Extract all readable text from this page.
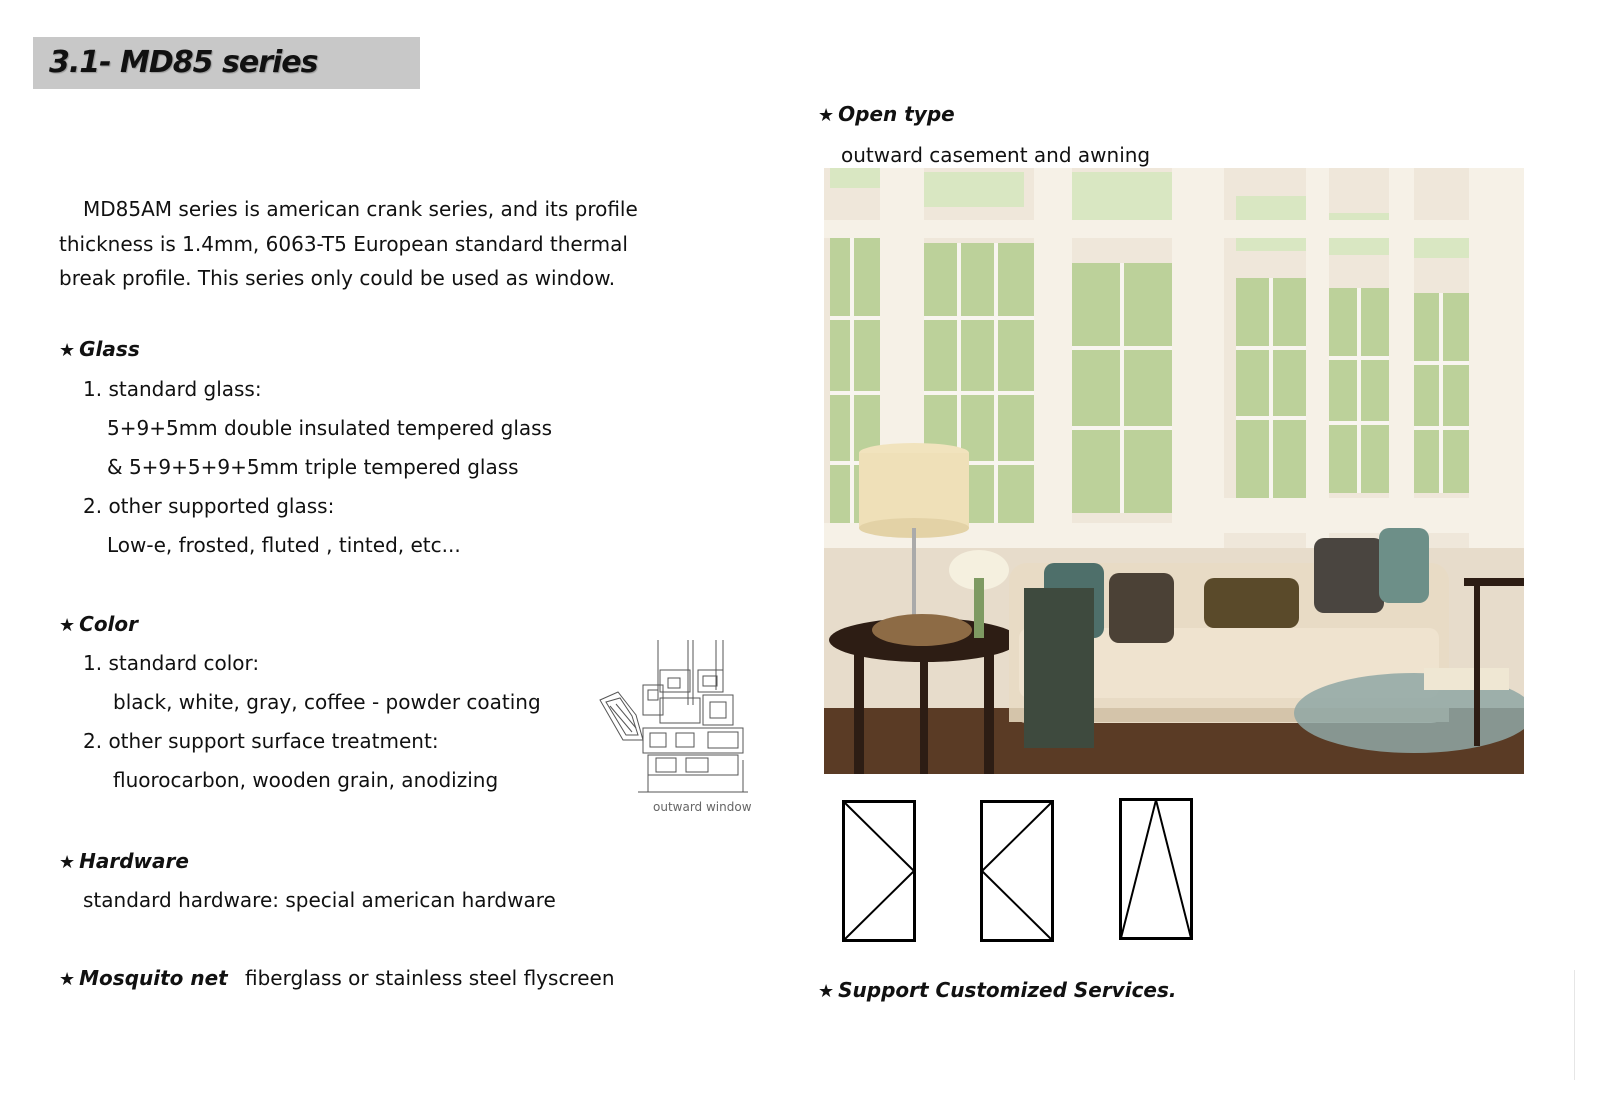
3.1- MD85 series
MD85AM series is american crank series, and its profile
thickness is 1.4mm, 6063-T5 European standard thermal
break profile. This series only could be used as window.
★ Glass
1. standard glass:
5+9+5mm double insulated tempered glass
& 5+9+5+9+5mm triple tempered glass
2. other supported glass:
Low-e, frosted, fluted , tinted, etc...
★ Color
1. standard color:
black, white, gray, coffee - powder coating
2. other support surface treatment:
fluorocarbon, wooden grain, anodizing
outward window
★ Hardware
standard hardware: special american hardware
★ Mosquito net fiberglass or stainless steel flyscreen
★ Open type
outward casement and awning
★ Support Customized Services.
